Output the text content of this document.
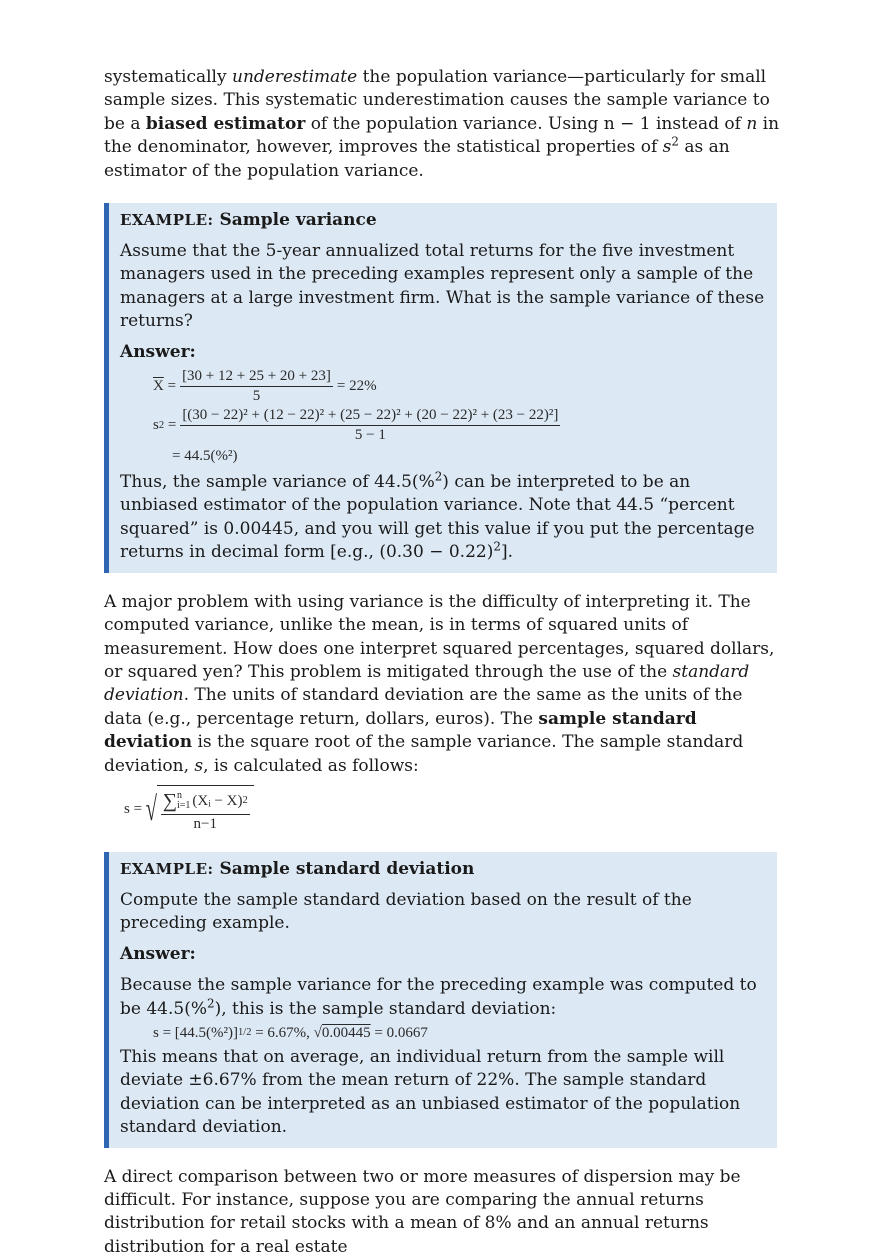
systematically underestimate the population variance—particularly for small sample sizes. This systematic underestimation causes the sample variance to be a biased estimator of the population variance. Using n − 1 instead of n in the denominator, however, improves the statistical properties of $s^2$ as an estimator of the population variance.

EXAMPLE: Sample variance

Assume that the 5-year annualized total returns for the five investment managers used in the preceding examples represent only a sample of the managers at a large investment firm. What is the sample variance of these returns?

Answer:

$\overline{X} = \frac{[30 + 12 + 25 + 20 + 23]}{5} = 22\%$
s 2 =
[(30 − 22)² + (12 − 22)² + (25 − 22)² + (20 − 22)² + (23 − 22)²]
5 − 1
= 44.5(%²)

Thus, the sample variance of 44.5(%$^2$) can be interpreted to be an unbiased estimator of the population variance. Note that 44.5 “percent squared” is 0.00445, and you will get this value if you put the percentage returns in decimal form [e.g., $(0.30 - 0.22)^2$].

A major problem with using variance is the difficulty of interpreting it. The computed variance, unlike the mean, is in terms of squared units of measurement. How does one interpret squared percentages, squared dollars, or squared yen? This problem is mitigated through the use of the standard deviation. The units of standard deviation are the same as the units of the data (e.g., percentage return, dollars, euros). The sample standard deviation is the square root of the sample variance. The sample standard deviation, s, is calculated as follows:

s = √ ∑ n
i=1 (Xᵢ − X) 2
n−1
EXAMPLE: Sample standard deviation

Compute the sample standard deviation based on the result of the preceding example.

Answer:

Because the sample variance for the preceding example was computed to be 44.5(%$^2$), this is the sample standard deviation:

s = [44.5(%²)] 1/2 = 6.67%, √ 0.00445 = 0.0667

This means that on average, an individual return from the sample will deviate ±6.67% from the mean return of 22%. The sample standard deviation can be interpreted as an unbiased estimator of the population standard deviation.

A direct comparison between two or more measures of dispersion may be difficult. For instance, suppose you are comparing the annual returns distribution for retail stocks with a mean of 8% and an annual returns distribution for a real estate
